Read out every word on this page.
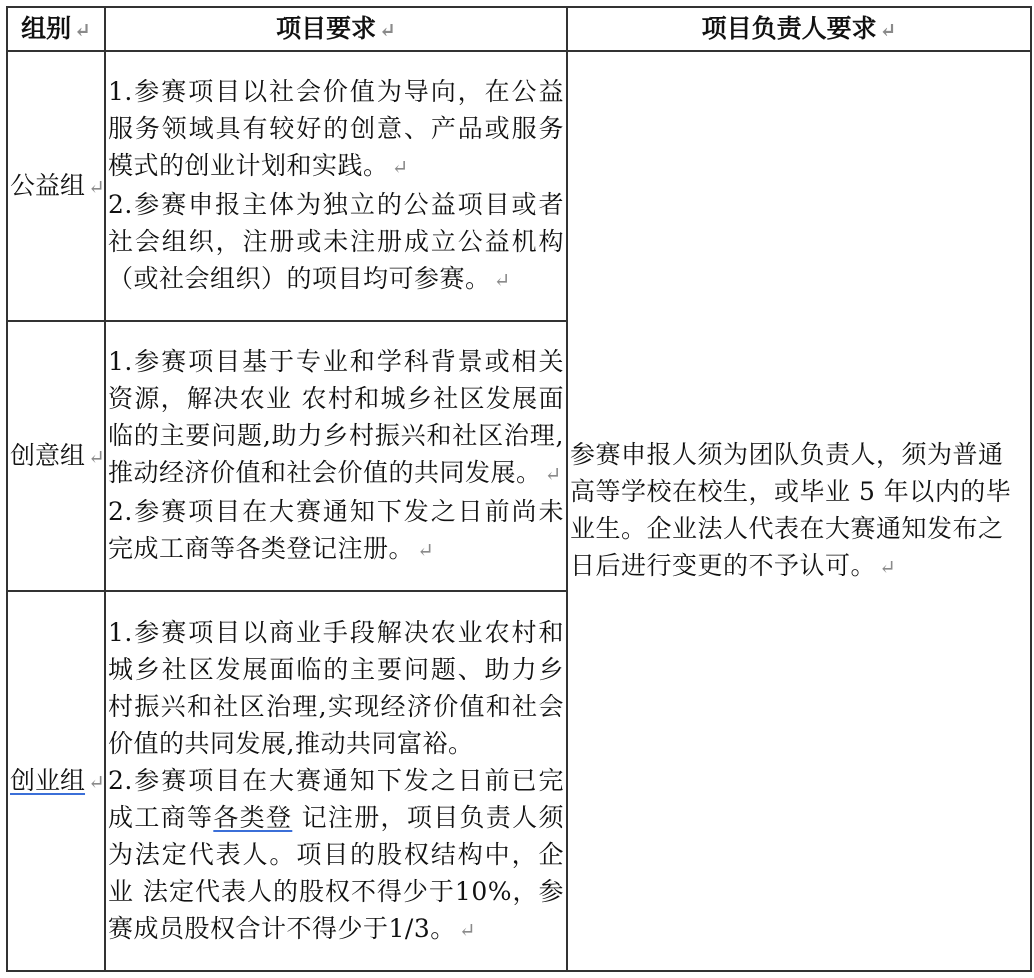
组别 ↵	项目要求 ↵	项目负责人要求 ↵
公益组 ↵	1.参赛项目以社会价值为导向，在公益服务领域具有较好的创意、产品或服务模式的创业计划和实践。 ↵

2.参赛申报主体为独立的公益项目或者社会组织，注册或未注册成立公益机构（或社会组织）的项目均可参赛。 ↵	参赛申报人须为团队负责人，须为普通高等学校在校生，或毕业 5 年以内的毕业生。企业法人代表在大赛通知发布之日后进行变更的不予认可。 ↵
创意组 ↵	1.参赛项目基于专业和学科背景或相关资源，解决农业 农村和城乡社区发展面临的主要问题,助力乡村振兴和社区治理,推动经济价值和社会价值的共同发展。 ↵

2.参赛项目在大赛通知下发之日前尚未完成工商等各类登记注册。 ↵	

创业组 ↵	1.参赛项目以商业手段解决农业农村和城乡社区发展面临的主要问题、助力乡村振兴和社区治理,实现经济价值和社会 价值的共同发展,推动共同富裕。

2.参赛项目在大赛通知下发之日前已完成工商等各类登 记注册，项目负责人须为法定代表人。项目的股权结构中，企业 法定代表人的股权不得少于10%，参赛成员股权合计不得少于1/3。 ↵	
